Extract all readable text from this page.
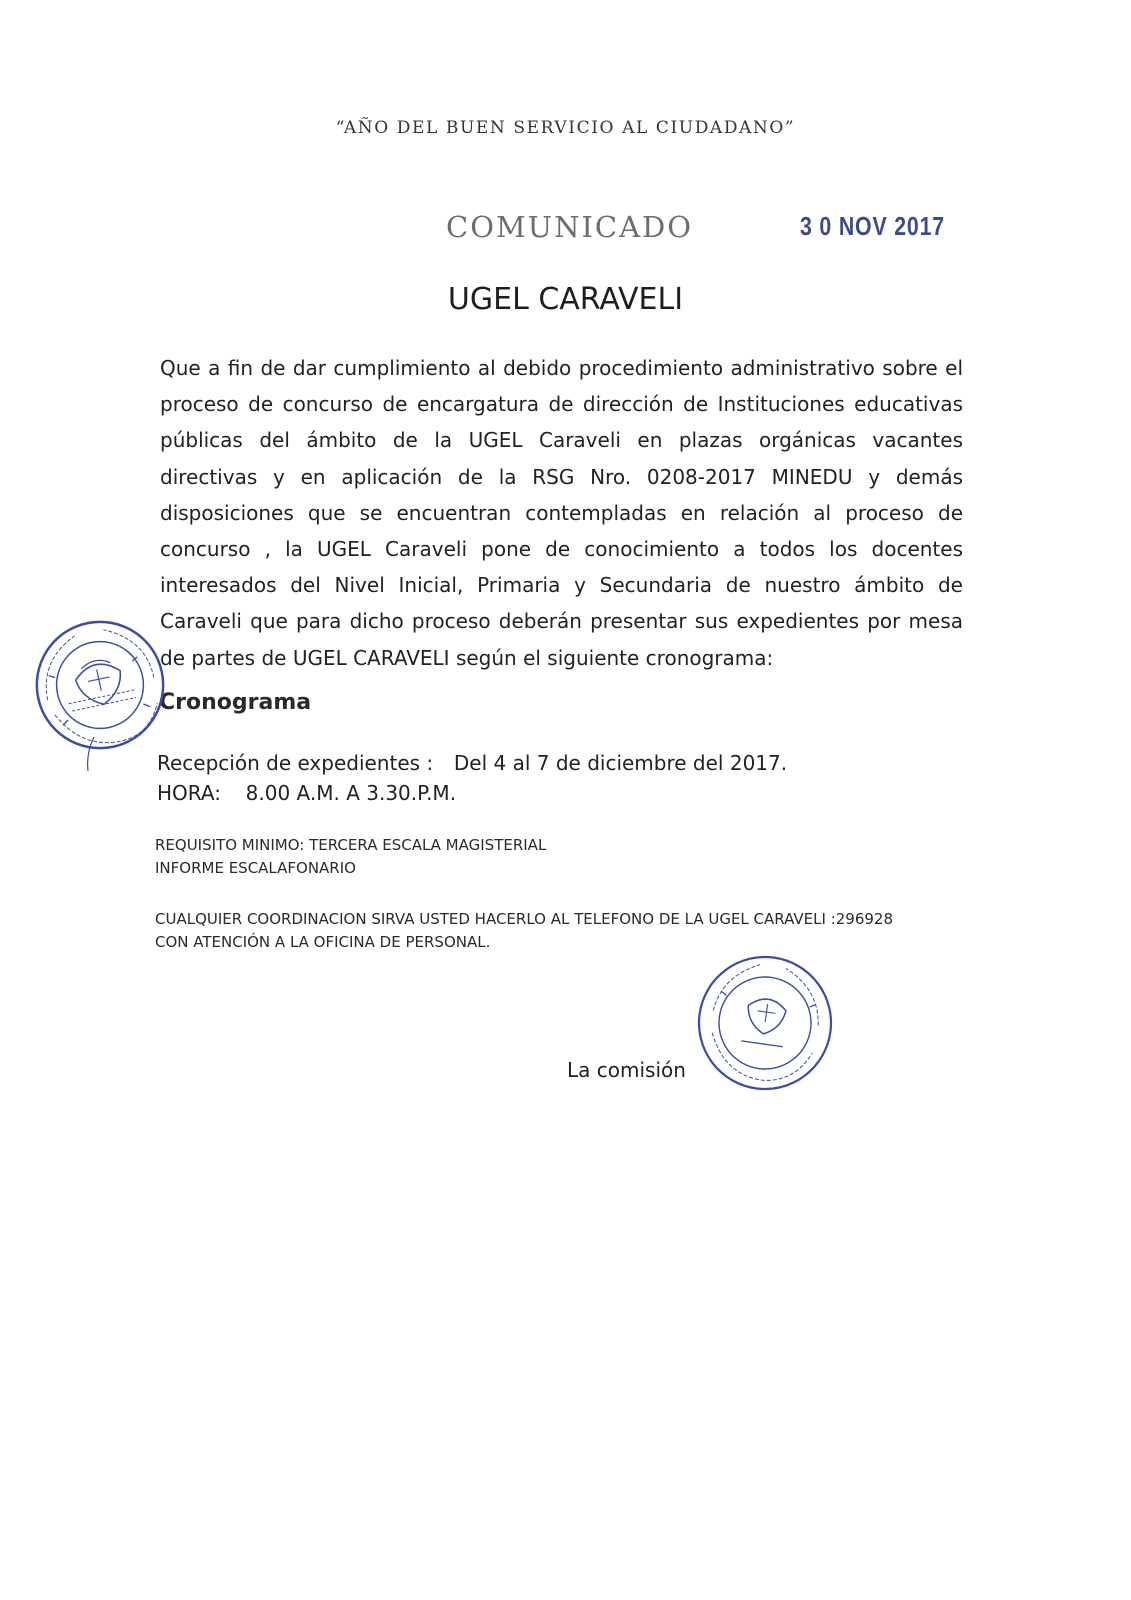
“AÑO DEL BUEN SERVICIO AL CIUDADANO”
COMUNICADO	3 0 NOV 2017
UGEL CARAVELI

Que a fin de dar cumplimiento al debido procedimiento administrativo sobre el proceso de concurso de encargatura de dirección de Instituciones educativas públicas del ámbito de la UGEL Caraveli en plazas orgánicas vacantes directivas y en aplicación de la RSG Nro. 0208-2017 MINEDU y demás disposiciones que se encuentran contempladas en relación al proceso de concurso , la UGEL Caraveli pone de conocimiento a todos los docentes interesados del Nivel Inicial, Primaria y Secundaria de nuestro ámbito de Caraveli que para dicho proceso deberán presentar sus expedientes por mesa de partes de UGEL CARAVELI según el siguiente cronograma:

Cronograma
Recepción de expedientes : Del 4 al 7 de diciembre del 2017.
HORA: 8.00 A.M. A 3.30.P.M.
REQUISITO MINIMO: TERCERA ESCALA MAGISTERIAL
INFORME ESCALAFONARIO
CUALQUIER COORDINACION SIRVA USTED HACERLO AL TELEFONO DE LA UGEL CARAVELI :296928
CON ATENCIÓN A LA OFICINA DE PERSONAL.
La comisión
